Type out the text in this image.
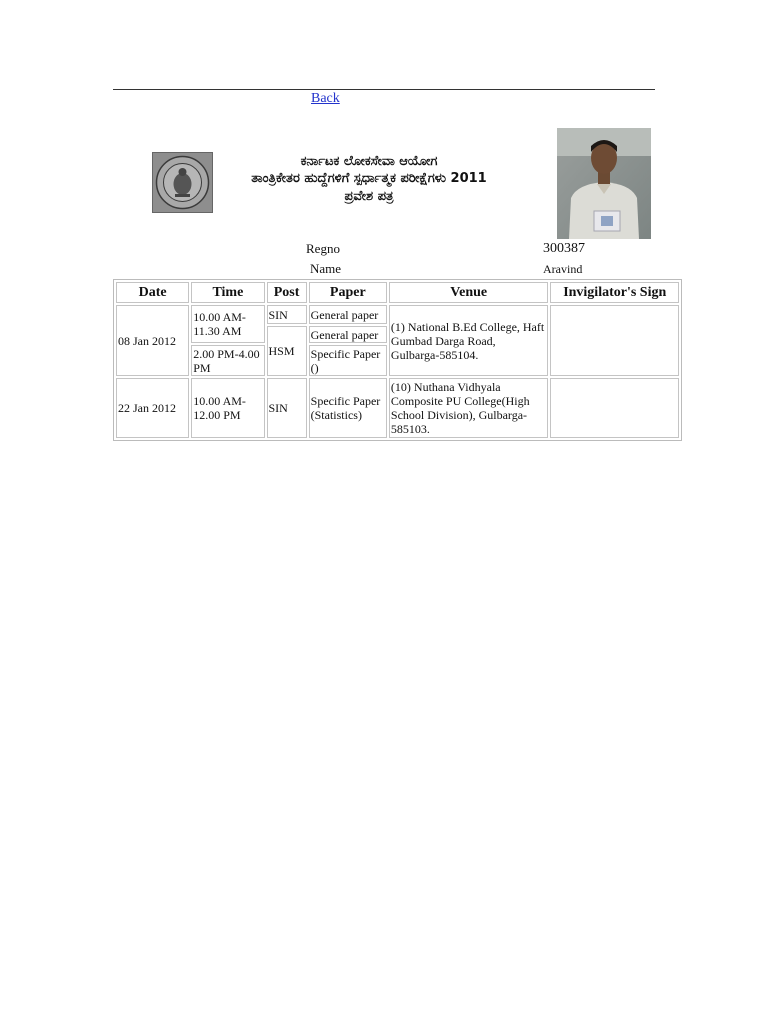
Back
ಕರ್ನಾಟಕ ಲೋಕಸೇವಾ ಆಯೋಗ
ತಾಂತ್ರಿಕೇತರ ಹುದ್ದೆಗಳಿಗೆ ಸ್ಪರ್ಧಾತ್ಮಕ ಪರೀಕ್ಷೆಗಳು 2011
ಪ್ರವೇಶ ಪತ್ರ
Regno	300387
Name	Aravind
Date	Time	Post	Paper	Venue	Invigilator's Sign
08 Jan 2012	10.00 AM-11.30 AM	SIN	General paper	(1) National B.Ed College, Haft Gumbad Darga Road, Gulbarga-585104.	
		HSM	General paper		
	2.00 PM-4.00 PM		Specific Paper ()		
22 Jan 2012	10.00 AM-12.00 PM	SIN	Specific Paper (Statistics)	(10) Nuthana Vidhyala Composite PU College(High School Division), Gulbarga-585103.	
